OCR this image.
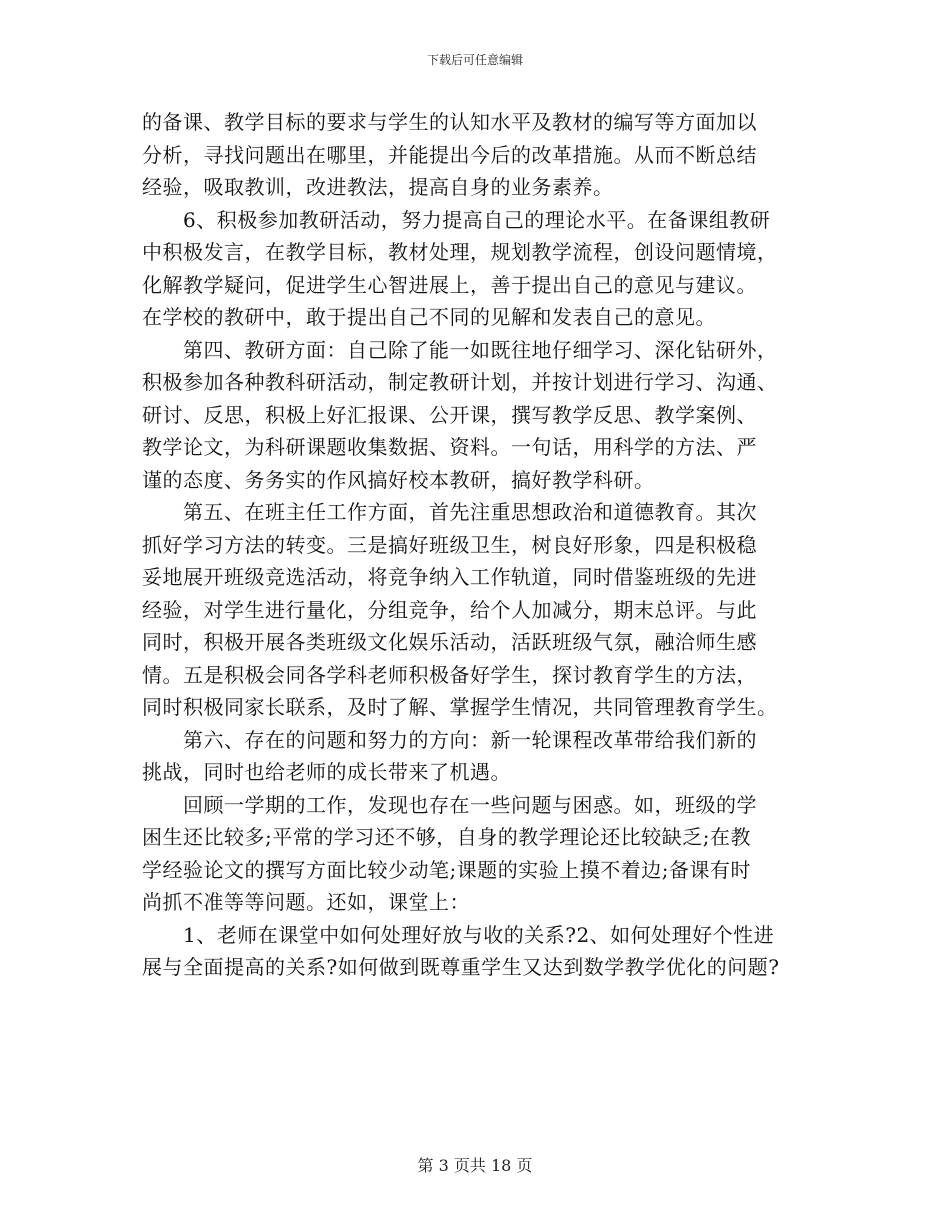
下载后可任意编辑
的备课、教学目标的要求与学生的认知水平及教材的编写等方面加以
分析，寻找问题出在哪里，并能提出今后的改革措施。从而不断总结
经验，吸取教训，改进教法，提高自身的业务素养。
　　6、积极参加教研活动，努力提高自己的理论水平。在备课组教研
中积极发言，在教学目标，教材处理，规划教学流程，创设问题情境，
化解教学疑问，促进学生心智进展上，善于提出自己的意见与建议。
在学校的教研中，敢于提出自己不同的见解和发表自己的意见。
　　第四、教研方面：自己除了能一如既往地仔细学习、深化钻研外，
积极参加各种教科研活动，制定教研计划，并按计划进行学习、沟通、
研讨、反思，积极上好汇报课、公开课，撰写教学反思、教学案例、
教学论文，为科研课题收集数据、资料。一句话，用科学的方法、严
谨的态度、务务实的作风搞好校本教研，搞好教学科研。
　　第五、在班主任工作方面，首先注重思想政治和道德教育。其次
抓好学习方法的转变。三是搞好班级卫生，树良好形象，四是积极稳
妥地展开班级竞选活动，将竞争纳入工作轨道，同时借鉴班级的先进
经验，对学生进行量化，分组竞争，给个人加减分，期末总评。与此
同时，积极开展各类班级文化娱乐活动，活跃班级气氛，融洽师生感
情。五是积极会同各学科老师积极备好学生，探讨教育学生的方法，
同时积极同家长联系，及时了解、掌握学生情况，共同管理教育学生。
　　第六、存在的问题和努力的方向：新一轮课程改革带给我们新的
挑战，同时也给老师的成长带来了机遇。
　　回顾一学期的工作，发现也存在一些问题与困惑。如，班级的学
困生还比较多;平常的学习还不够，自身的教学理论还比较缺乏;在教
学经验论文的撰写方面比较少动笔;课题的实验上摸不着边;备课有时
尚抓不准等等问题。还如，课堂上：
　　1、老师在课堂中如何处理好放与收的关系?2、如何处理好个性进
展与全面提高的关系?如何做到既尊重学生又达到数学教学优化的问题?
第 3 页共 18 页
